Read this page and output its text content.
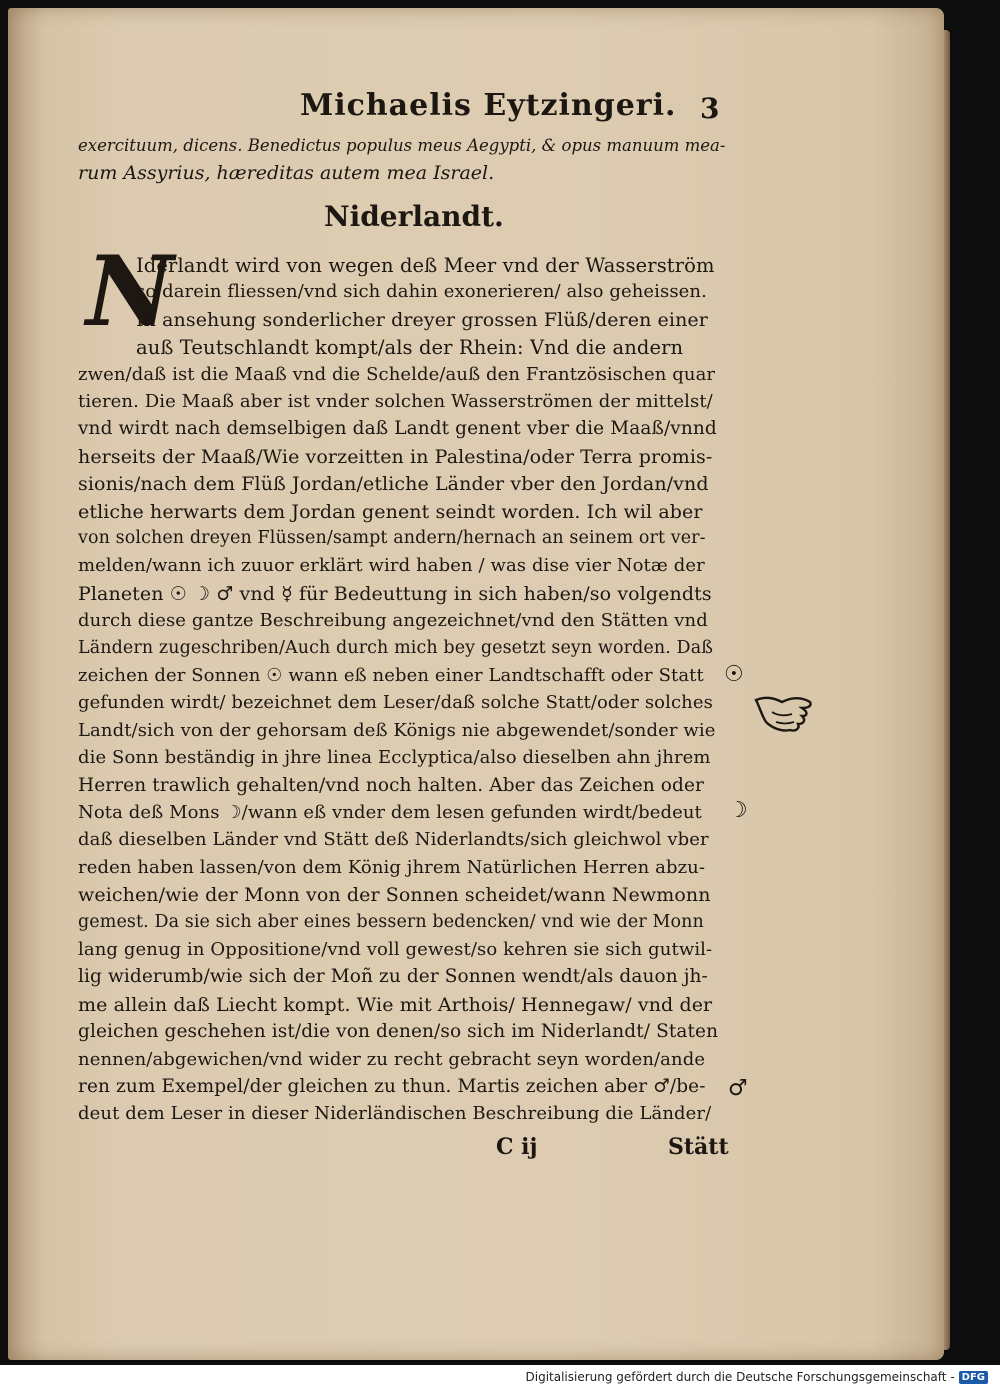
Michaelis Eytzingeri. 3
exercituum, dicens. Benedictus populus meus Aegypti, & opus manuum mea-
rum Assyrius, hæreditas autem mea Israel.
Niderlandt.
N
Iderlandt wird von wegen deß Meer vnd der Wasserström
so darein fliessen/vnd sich dahin exonerieren/ also geheissen.
In ansehung sonderlicher dreyer grossen Flüß/deren einer
auß Teutschlandt kompt/als der Rhein: Vnd die andern
zwen/daß ist die Maaß vnd die Schelde/auß den Frantzösischen quar
tieren. Die Maaß aber ist vnder solchen Wasserströmen der mittelst/
vnd wirdt nach demselbigen daß Landt genent vber die Maaß/vnnd
herseits der Maaß/Wie vorzeitten in Palestina/oder Terra promis-
sionis/nach dem Flüß Jordan/etliche Länder vber den Jordan/vnd
etliche herwarts dem Jordan genent seindt worden. Ich wil aber
von solchen dreyen Flüssen/sampt andern/hernach an seinem ort ver-
melden/wann ich zuuor erklärt wird haben / was dise vier Notæ der
Planeten ☉ ☽ ♂ vnd ☿ für Bedeuttung in sich haben/so volgendts
durch diese gantze Beschreibung angezeichnet/vnd den Stätten vnd
Ländern zugeschriben/Auch durch mich bey gesetzt seyn worden. Daß
zeichen der Sonnen ☉ wann eß neben einer Landtschafft oder Statt
gefunden wirdt/ bezeichnet dem Leser/daß solche Statt/oder solches
Landt/sich von der gehorsam deß Königs nie abgewendet/sonder wie
die Sonn beständig in jhre linea Ecclyptica/also dieselben ahn jhrem
Herren trawlich gehalten/vnd noch halten. Aber das Zeichen oder
Nota deß Mons ☽/wann eß vnder dem lesen gefunden wirdt/bedeut
daß dieselben Länder vnd Stätt deß Niderlandts/sich gleichwol vber
reden haben lassen/von dem König jhrem Natürlichen Herren abzu-
weichen/wie der Monn von der Sonnen scheidet/wann Newmonn
gemest. Da sie sich aber eines bessern bedencken/ vnd wie der Monn
lang genug in Oppositione/vnd voll gewest/so kehren sie sich gutwil-
lig widerumb/wie sich der Moñ zu der Sonnen wendt/als dauon jh-
me allein daß Liecht kompt. Wie mit Arthois/ Hennegaw/ vnd der
gleichen geschehen ist/die von denen/so sich im Niderlandt/ Staten
nennen/abgewichen/vnd wider zu recht gebracht seyn worden/ande
ren zum Exempel/der gleichen zu thun. Martis zeichen aber ♂/be-
deut dem Leser in dieser Niderländischen Beschreibung die Länder/
☉
☽
♂
C ij	Stätt
Digitalisierung gefördert durch die Deutsche Forschungsgemeinschaft - DFG
